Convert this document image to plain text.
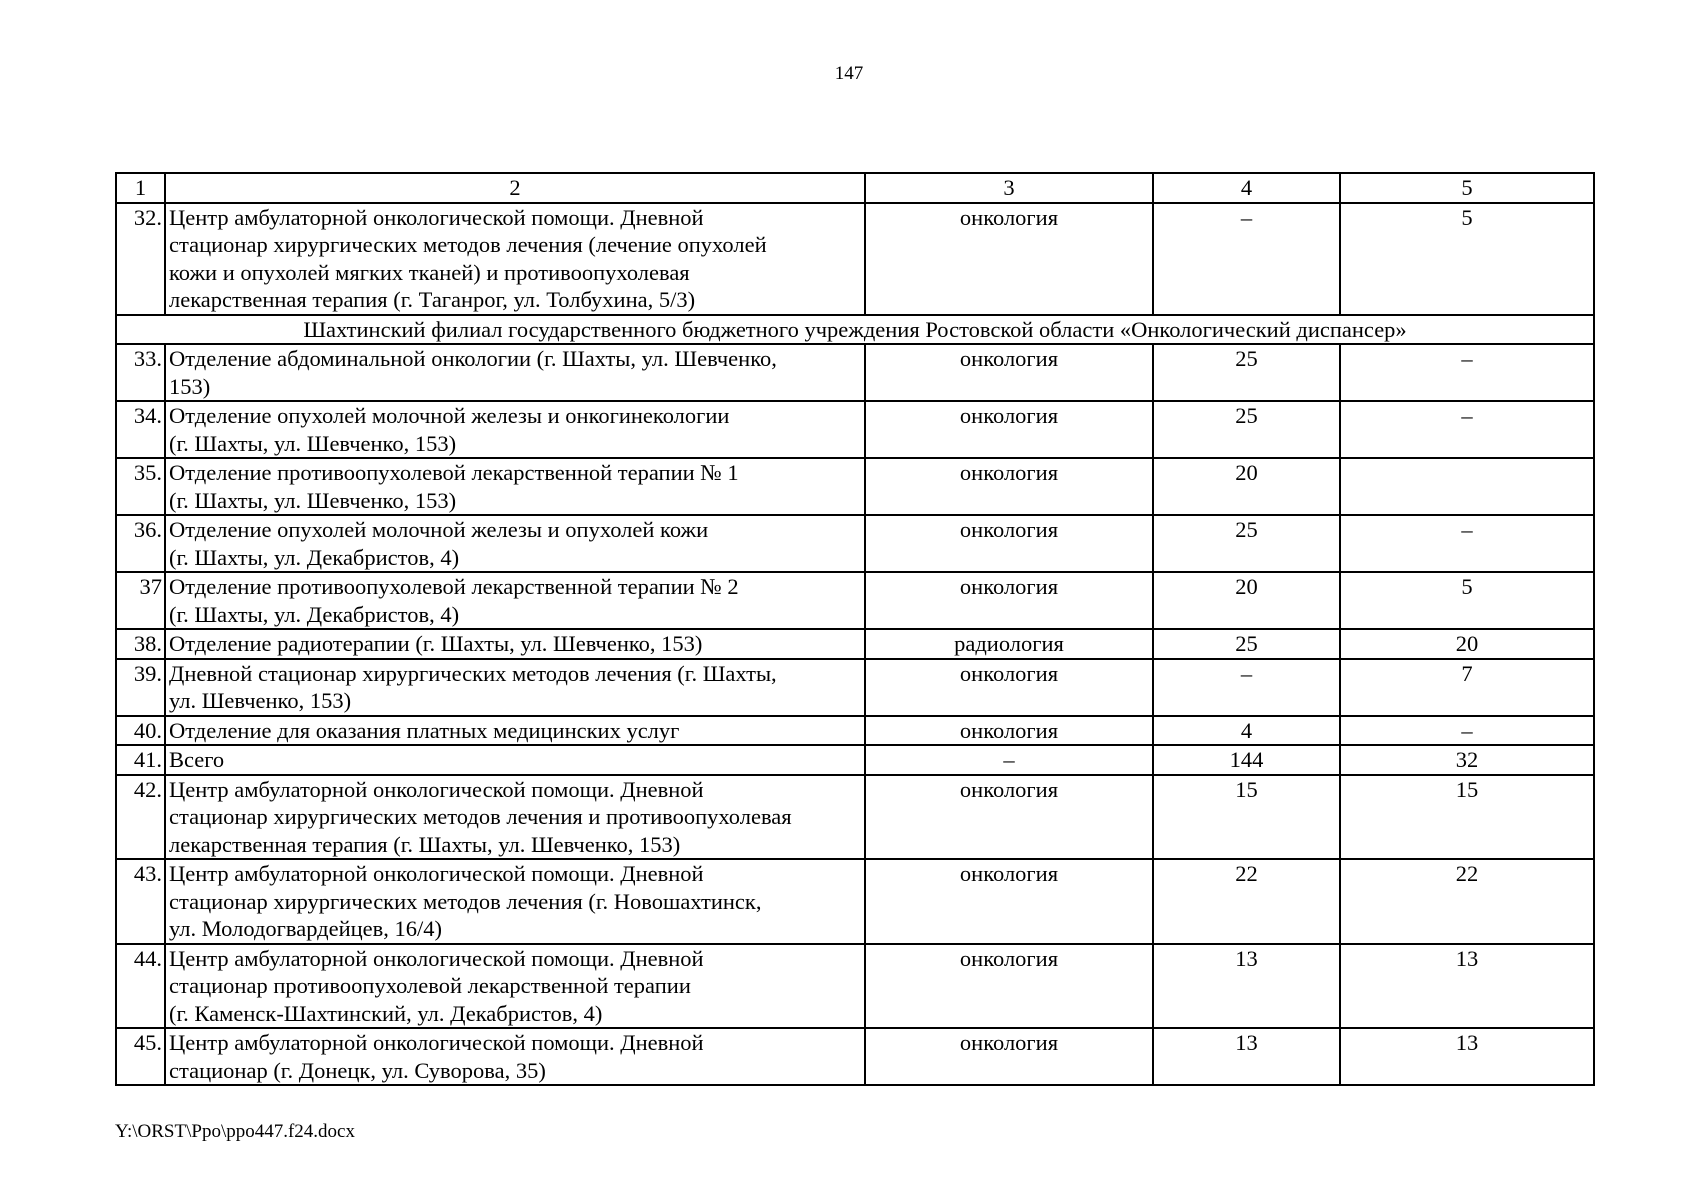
147
1	2	3	4	5
32.	Центр амбулаторной онкологической помощи. Дневной
стационар хирургических методов лечения (лечение опухолей
кожи и опухолей мягких тканей) и противоопухолевая
лекарственная терапия (г. Таганрог, ул. Толбухина, 5/3)	онкология	–	5
Шахтинский филиал государственного бюджетного учреждения Ростовской области «Онкологический диспансер»				
33.	Отделение абдоминальной онкологии (г. Шахты, ул. Шевченко,
153)	онкология	25	–
34.	Отделение опухолей молочной железы и онкогинекологии
(г. Шахты, ул. Шевченко, 153)	онкология	25	–
35.	Отделение противоопухолевой лекарственной терапии № 1
(г. Шахты, ул. Шевченко, 153)	онкология	20	
36.	Отделение опухолей молочной железы и опухолей кожи
(г. Шахты, ул. Декабристов, 4)	онкология	25	–
37	Отделение противоопухолевой лекарственной терапии № 2
(г. Шахты, ул. Декабристов, 4)	онкология	20	5
38.	Отделение радиотерапии (г. Шахты, ул. Шевченко, 153)	радиология	25	20
39.	Дневной стационар хирургических методов лечения (г. Шахты,
ул. Шевченко, 153)	онкология	–	7
40.	Отделение для оказания платных медицинских услуг	онкология	4	–
41.	Всего	–	144	32
42.	Центр амбулаторной онкологической помощи. Дневной
стационар хирургических методов лечения и противоопухолевая
лекарственная терапия (г. Шахты, ул. Шевченко, 153)	онкология	15	15
43.	Центр амбулаторной онкологической помощи. Дневной
стационар хирургических методов лечения (г. Новошахтинск,
ул. Молодогвардейцев, 16/4)	онкология	22	22
44.	Центр амбулаторной онкологической помощи. Дневной
стационар противоопухолевой лекарственной терапии
(г. Каменск-Шахтинский, ул. Декабристов, 4)	онкология	13	13
45.	Центр амбулаторной онкологической помощи. Дневной
стационар (г. Донецк, ул. Суворова, 35)	онкология	13	13
Y:\ORST\Ppo\ppo447.f24.docx
